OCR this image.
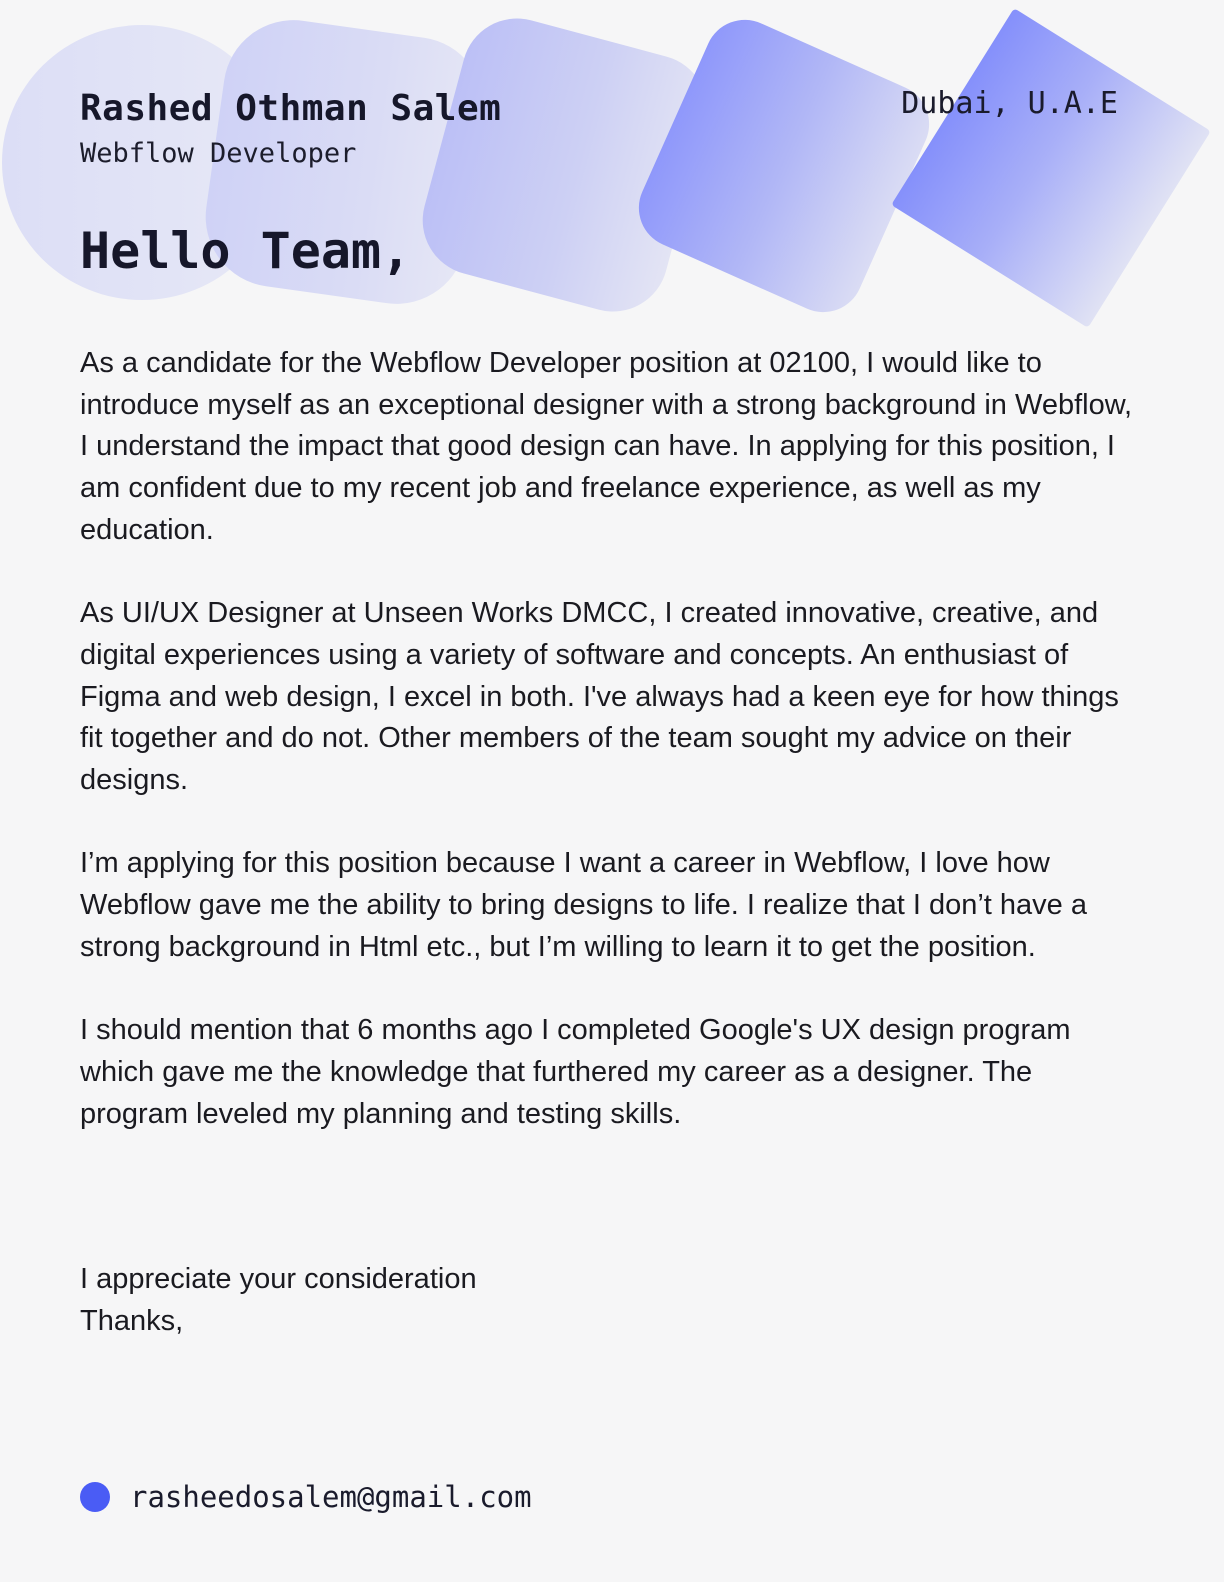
Rashed Othman Salem
Webflow Developer
Dubai, U.A.E
Hello Team,

As a candidate for the Webflow Developer position at 02100, I would like to introduce myself as an exceptional designer with a strong background in Webflow, I understand the impact that good design can have. In applying for this position, I am confident due to my recent job and freelance experience, as well as my education.

As UI/UX Designer at Unseen Works DMCC, I created innovative, creative, and digital experiences using a variety of software and concepts. An enthusiast of Figma and web design, I excel in both. I've always had a keen eye for how things fit together and do not. Other members of the team sought my advice on their designs.

I’m applying for this position because I want a career in Webflow, I love how Webflow gave me the ability to bring designs to life. I realize that I don’t have a strong background in Html etc., but I’m willing to learn it to get the position.

I should mention that 6 months ago I completed Google's UX design program which gave me the knowledge that furthered my career as a designer. The program leveled my planning and testing skills.

I appreciate your consideration
Thanks,
rasheedosalem@gmail.com
